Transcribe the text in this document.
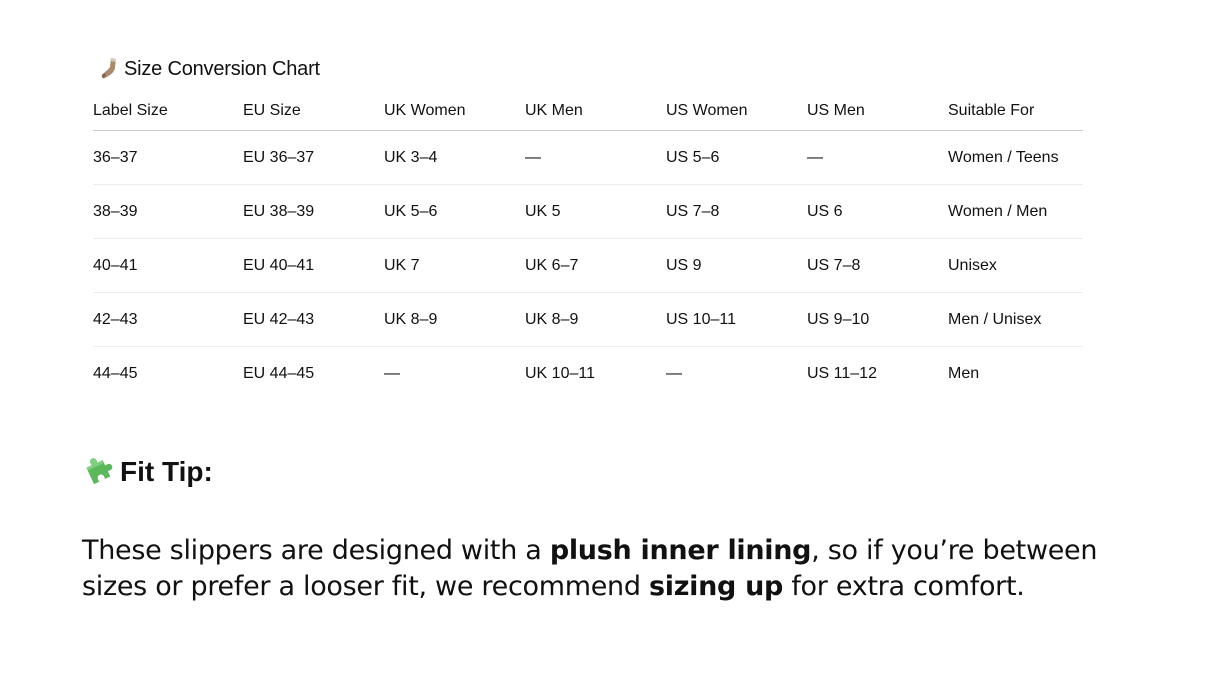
Size Conversion Chart
Label Size	EU Size	UK Women	UK Men	US Women	US Men	Suitable For
36–37	EU 36–37	UK 3–4	—	US 5–6	—	Women / Teens
38–39	EU 38–39	UK 5–6	UK 5	US 7–8	US 6	Women / Men
40–41	EU 40–41	UK 7	UK 6–7	US 9	US 7–8	Unisex
42–43	EU 42–43	UK 8–9	UK 8–9	US 10–11	US 9–10	Men / Unisex
44–45	EU 44–45	—	UK 10–11	—	US 11–12	Men
Fit Tip:
These slippers are designed with a plush inner lining, so if you’re between sizes or prefer a looser fit, we recommend sizing up for extra comfort.
